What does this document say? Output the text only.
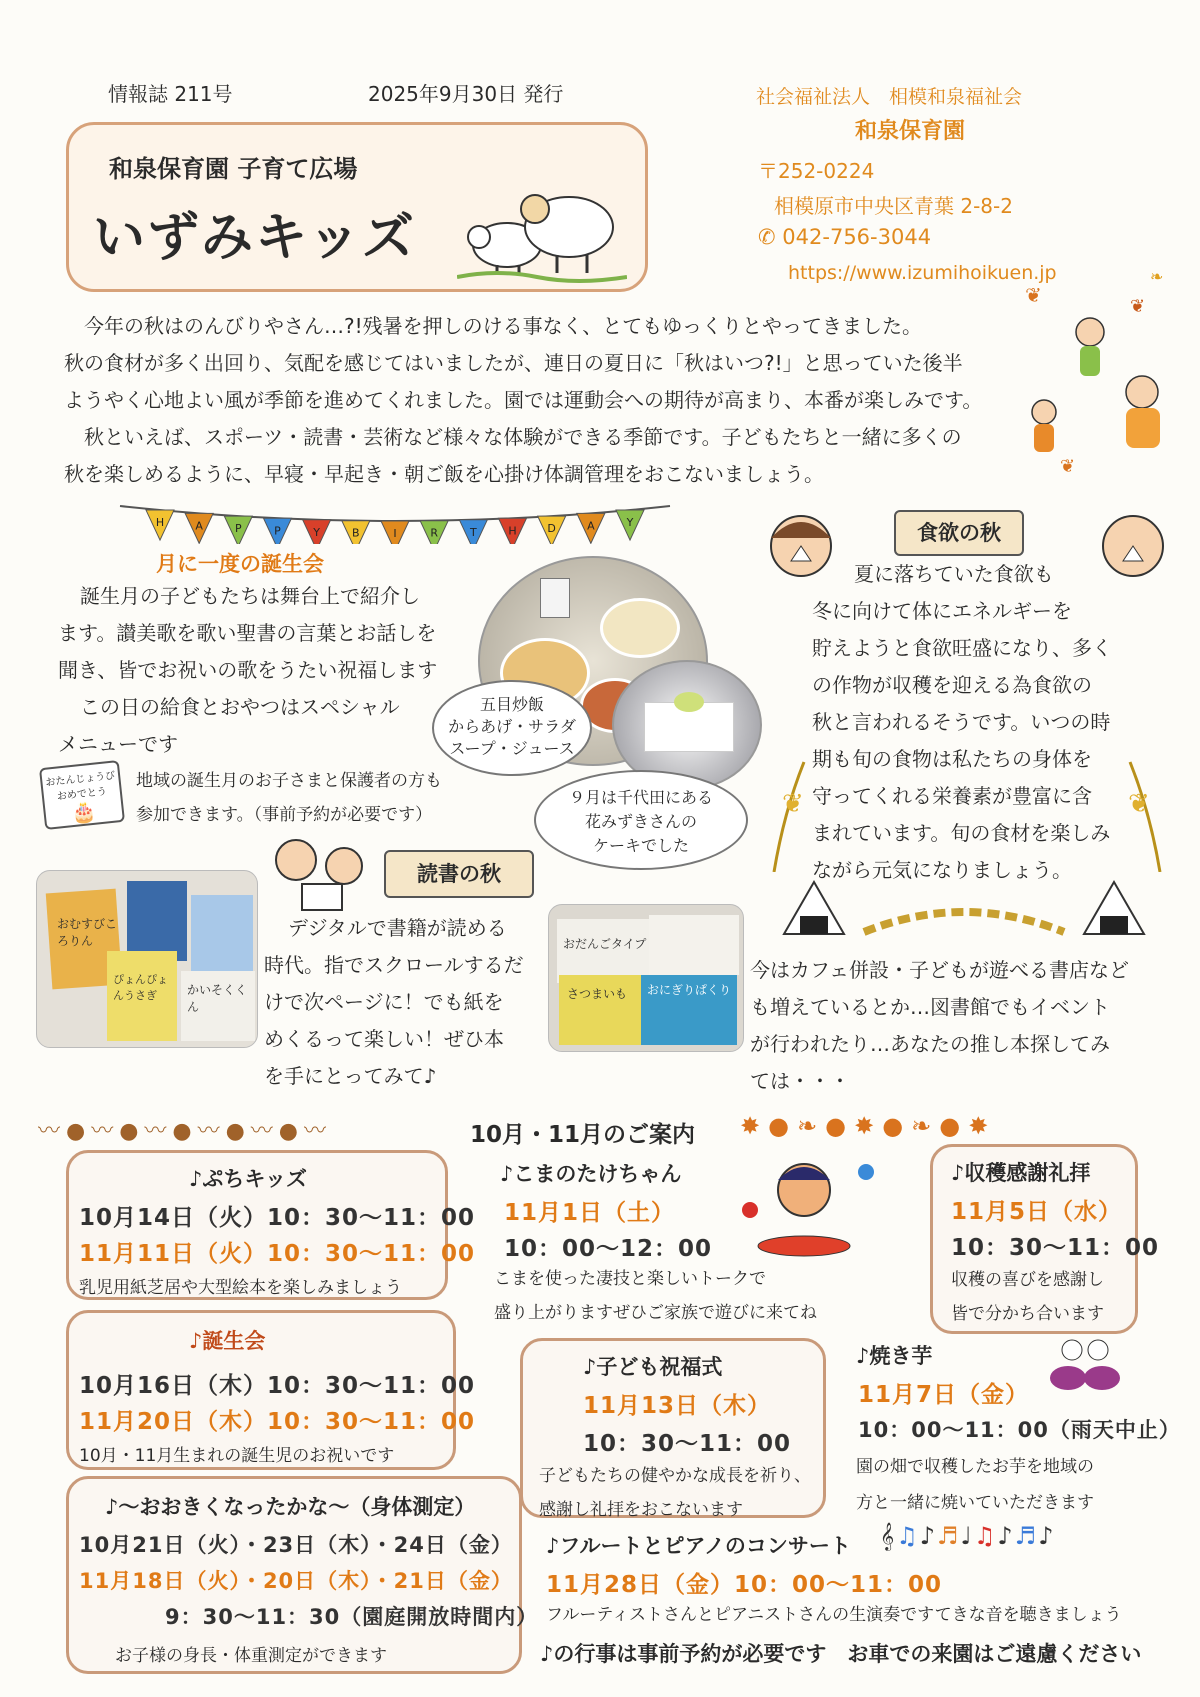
情報誌 211号	2025年9月30日 発行	社会福祉法人　相模和泉福祉会
和泉保育園
〒252-0224
相模原市中央区青葉 2-8-2
✆ 042-756-3044
https://www.izumihoikuen.jp
和泉保育園 子育て広場
いずみキッズ
今年の秋はのんびりやさん…?!残暑を押しのける事なく、とてもゆっくりとやってきました。
秋の食材が多く出回り、気配を感じてはいましたが、連日の夏日に「秋はいつ?!」と思っていた後半
ようやく心地よい風が季節を進めてくれました。園では運動会への期待が高まり、本番が楽しみです。
秋といえば、スポーツ・読書・芸術など様々な体験ができる季節です。子どもたちと一緒に多くの
秋を楽しめるように、早寝・早起き・朝ご飯を心掛け体調管理をおこないましょう。
❦	❦
❦
❧
H	A	P	P	Y	B	I	R	T	H	D	A	Y
月に一度の誕生会
誕生月の子どもたちは舞台上で紹介し
ます。讃美歌を歌い聖書の言葉とお話しを
聞き、皆でお祝いの歌をうたい祝福します
この日の給食とおやつはスペシャル
メニューです
おたんじょうびおめでとう
🎂
地域の誕生月のお子さまと保護者の方も
参加できます。（事前予約が必要です）
五目炒飯
からあげ・サラダ
スープ・ジュース
９月は千代田にある
花みずきさんの
ケーキでした
食欲の秋
夏に落ちていた食欲も
冬に向けて体にエネルギーを
貯えようと食欲旺盛になり、多く
の作物が収穫を迎える為食欲の
秋と言われるそうです。いつの時
期も旬の食物は私たちの身体を
守ってくれる栄養素が豊富に含
まれています。旬の食材を楽しみ
ながら元気になりましょう。
❦	❦
読書の秋
おむすびころりん
ぴょんぴょんうさぎ	かいそくくん
デジタルで書籍が読める
時代。指でスクロールするだ
けで次ページに！でも紙を
めくるって楽しい！ぜひ本
を手にとってみて♪
おだんごタイプ
さつまいも おにぎりぱくり
今はカフェ併設・子どもが遊べる書店など
も増えているとか…図書館でもイベント
が行われたり…あなたの推し本探してみ
ては・・・
〰●〰●〰●〰●〰●〰	✸●❧●✸●❧●✸
10月・11月のご案内
♪ぷちキッズ
10月14日（火）10：30～11：00
11月11日（火）10：30～11：00
乳児用紙芝居や大型絵本を楽しみましょう
♪誕生会
10月16日（木）10：30～11：00
11月20日（木）10：30～11：00
10月・11月生まれの誕生児のお祝いです
♪～おおきくなったかな～（身体測定）
10月21日（火）・23日（木）・24日（金）
11月18日（火）・20日（木）・21日（金）
9：30～11：30（園庭開放時間内）
お子様の身長・体重測定ができます
♪こまのたけちゃん
11月1日（土）
10：00～12：00
こまを使った凄技と楽しいトークで
盛り上がりますぜひご家族で遊びに来てね
♪収穫感謝礼拝
11月5日（水）
10：30～11：00
収穫の喜びを感謝し
皆で分かち合います
♪子ども祝福式
11月13日（木）
10：30～11：00
子どもたちの健やかな成長を祈り、
感謝し礼拝をおこないます
♪焼き芋
11月7日（金）
10：00～11：00（雨天中止）
園の畑で収穫したお芋を地域の
方と一緒に焼いていただきます
♪フルートとピアノのコンサート 𝄞♫♪♬♩♫♪♬♪
11月28日（金）10：00～11：00
フルーティストさんとピアニストさんの生演奏ですてきな音を聴きましょう
♪の行事は事前予約が必要です　お車での来園はご遠慮ください
